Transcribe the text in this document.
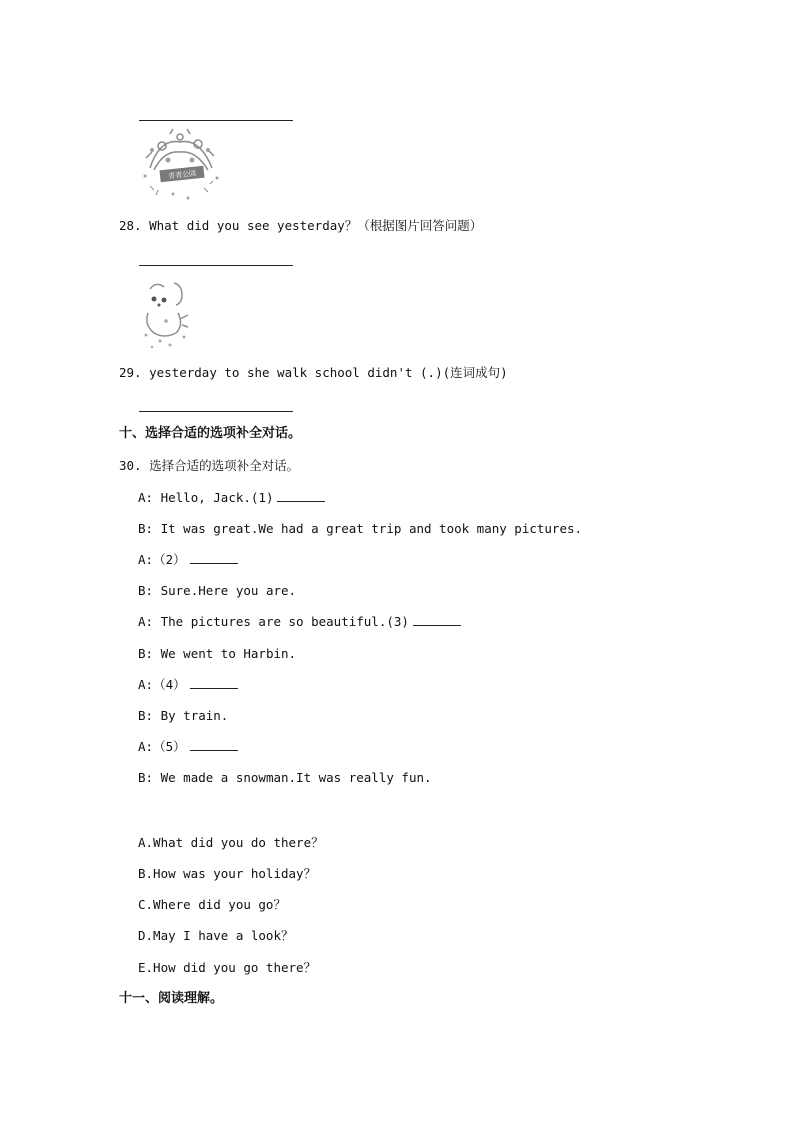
青青公园
28. What did you see yesterday？（根据图片回答问题）
29. yesterday to she walk school didn't (.)(连词成句)
十、选择合适的选项补全对话。
30. 选择合适的选项补全对话。
A: Hello, Jack.(1)
B: It was great.We had a great trip and took many pictures.
A:（2）
B: Sure.Here you are.
A: The pictures are so beautiful.(3)
B: We went to Harbin.
A:（4）
B: By train.
A:（5）
B: We made a snowman.It was really fun.
A.What did you do there？
B.How was your holiday？
C.Where did you go？
D.May I have a look？
E.How did you go there？
十一、阅读理解。
